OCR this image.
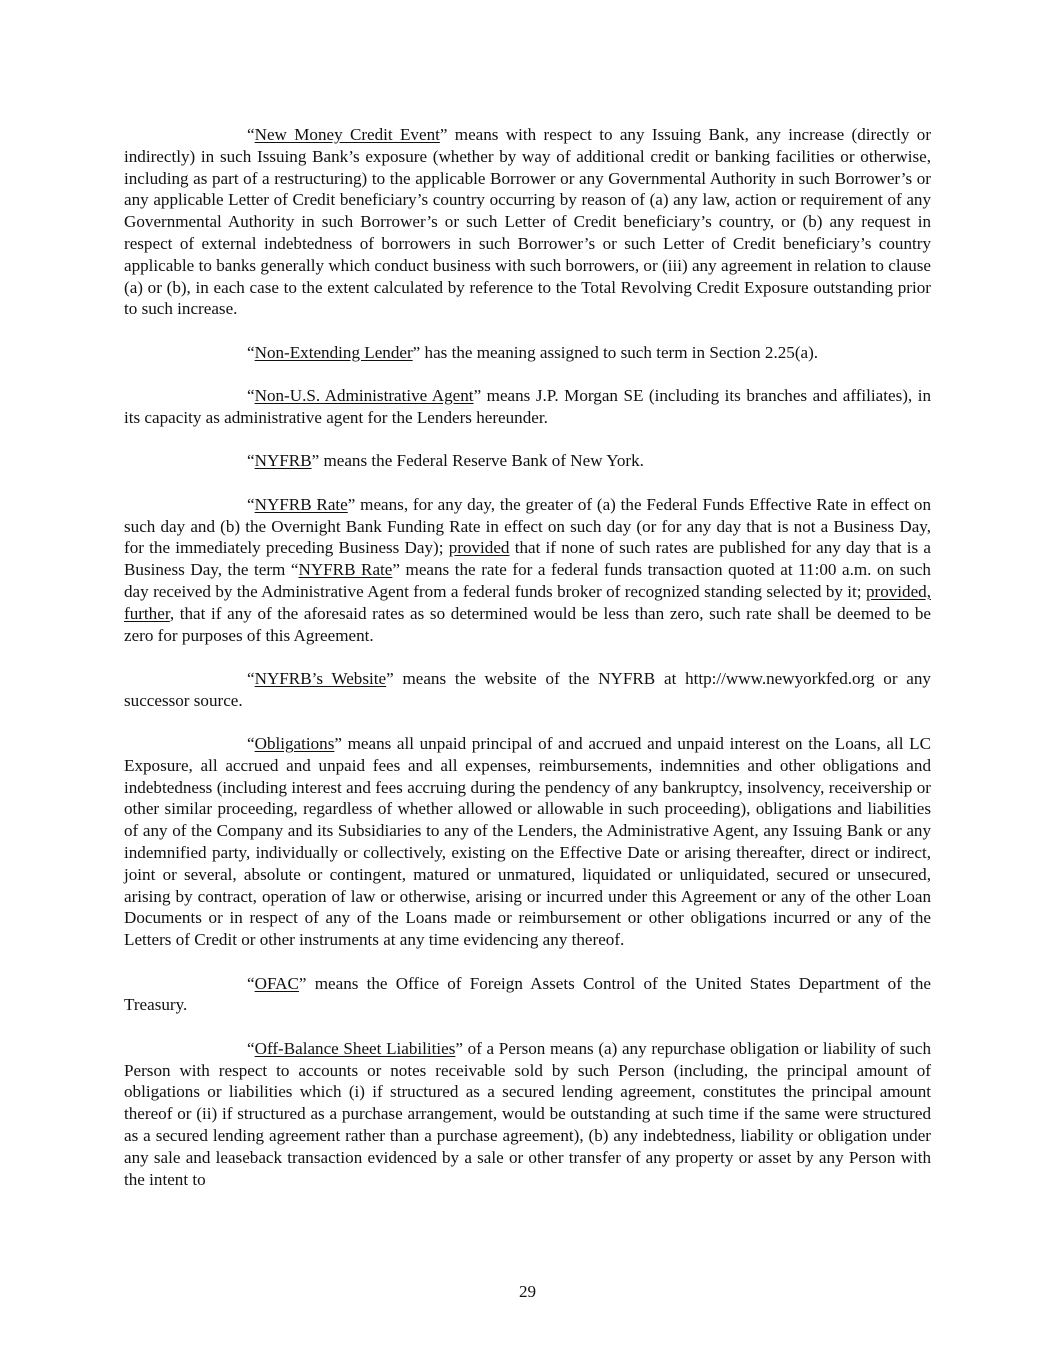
“New Money Credit Event” means with respect to any Issuing Bank, any increase (directly or indirectly) in such Issuing Bank’s exposure (whether by way of additional credit or banking facilities or otherwise, including as part of a restructuring) to the applicable Borrower or any Governmental Authority in such Borrower’s or any applicable Letter of Credit beneficiary’s country occurring by reason of (a) any law, action or requirement of any Governmental Authority in such Borrower’s or such Letter of Credit beneficiary’s country, or (b) any request in respect of external indebtedness of borrowers in such Borrower’s or such Letter of Credit beneficiary’s country applicable to banks generally which conduct business with such borrowers, or (iii) any agreement in relation to clause (a) or (b), in each case to the extent calculated by reference to the Total Revolving Credit Exposure outstanding prior to such increase.

“Non-Extending Lender” has the meaning assigned to such term in Section 2.25(a).

“Non-U.S. Administrative Agent” means J.P. Morgan SE (including its branches and affiliates), in its capacity as administrative agent for the Lenders hereunder.

“NYFRB” means the Federal Reserve Bank of New York.

“NYFRB Rate” means, for any day, the greater of (a) the Federal Funds Effective Rate in effect on such day and (b) the Overnight Bank Funding Rate in effect on such day (or for any day that is not a Business Day, for the immediately preceding Business Day); provided that if none of such rates are published for any day that is a Business Day, the term “NYFRB Rate” means the rate for a federal funds transaction quoted at 11:00 a.m. on such day received by the Administrative Agent from a federal funds broker of recognized standing selected by it; provided, further, that if any of the aforesaid rates as so determined would be less than zero, such rate shall be deemed to be zero for purposes of this Agreement.

“NYFRB’s Website” means the website of the NYFRB at http://www.newyorkfed.org or any successor source.

“Obligations” means all unpaid principal of and accrued and unpaid interest on the Loans, all LC Exposure, all accrued and unpaid fees and all expenses, reimbursements, indemnities and other obligations and indebtedness (including interest and fees accruing during the pendency of any bankruptcy, insolvency, receivership or other similar proceeding, regardless of whether allowed or allowable in such proceeding), obligations and liabilities of any of the Company and its Subsidiaries to any of the Lenders, the Administrative Agent, any Issuing Bank or any indemnified party, individually or collectively, existing on the Effective Date or arising thereafter, direct or indirect, joint or several, absolute or contingent, matured or unmatured, liquidated or unliquidated, secured or unsecured, arising by contract, operation of law or otherwise, arising or incurred under this Agreement or any of the other Loan Documents or in respect of any of the Loans made or reimbursement or other obligations incurred or any of the Letters of Credit or other instruments at any time evidencing any thereof.

“OFAC” means the Office of Foreign Assets Control of the United States Department of the Treasury.

“Off-Balance Sheet Liabilities” of a Person means (a) any repurchase obligation or liability of such Person with respect to accounts or notes receivable sold by such Person (including, the principal amount of obligations or liabilities which (i) if structured as a secured lending agreement, constitutes the principal amount thereof or (ii) if structured as a purchase arrangement, would be outstanding at such time if the same were structured as a secured lending agreement rather than a purchase agreement), (b) any indebtedness, liability or obligation under any sale and leaseback transaction evidenced by a sale or other transfer of any property or asset by any Person with the intent to

29
